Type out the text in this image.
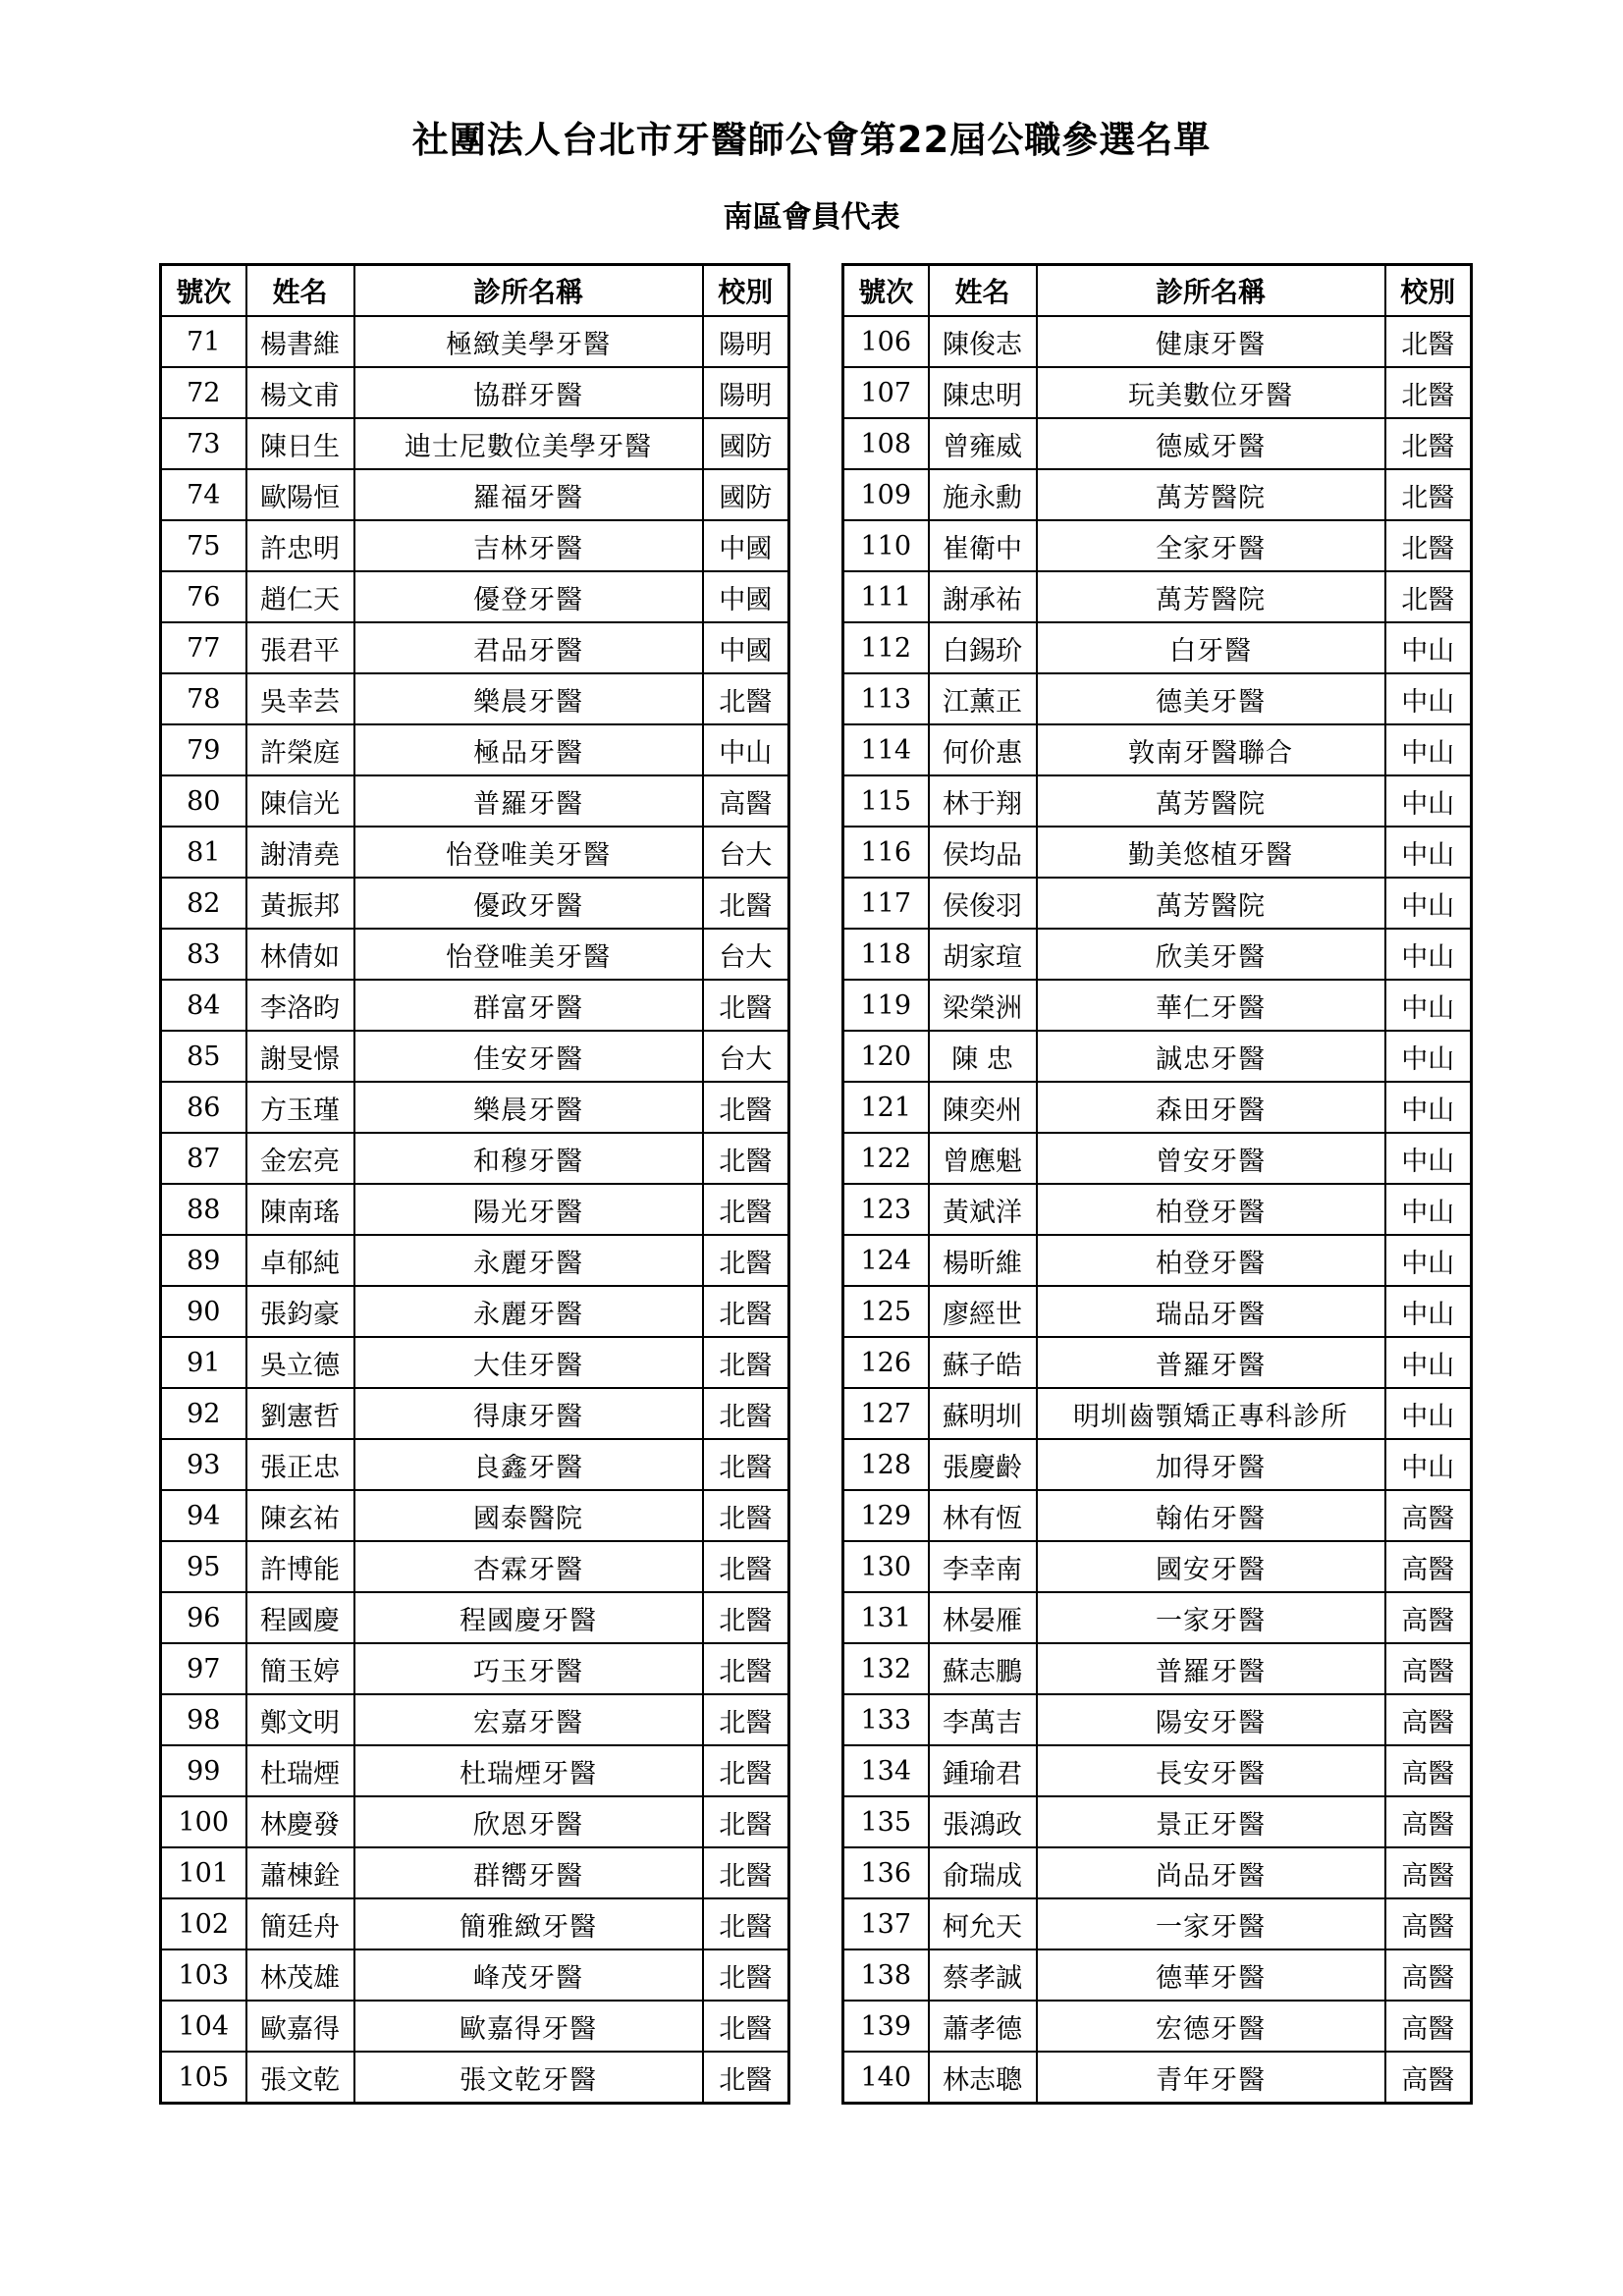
社團法人台北市牙醫師公會第22屆公職參選名單
南區會員代表
號次	姓名	診所名稱	校別
71	楊書維	極緻美學牙醫	陽明
72	楊文甫	協群牙醫	陽明
73	陳日生	迪士尼數位美學牙醫	國防
74	歐陽恒	羅福牙醫	國防
75	許忠明	吉林牙醫	中國
76	趙仁天	優登牙醫	中國
77	張君平	君品牙醫	中國
78	吳幸芸	樂晨牙醫	北醫
79	許榮庭	極品牙醫	中山
80	陳信光	普羅牙醫	高醫
81	謝清堯	怡登唯美牙醫	台大
82	黃振邦	優政牙醫	北醫
83	林倩如	怡登唯美牙醫	台大
84	李洛昀	群富牙醫	北醫
85	謝旻憬	佳安牙醫	台大
86	方玉瑾	樂晨牙醫	北醫
87	金宏亮	和穆牙醫	北醫
88	陳南瑤	陽光牙醫	北醫
89	卓郁純	永麗牙醫	北醫
90	張鈞豪	永麗牙醫	北醫
91	吳立德	大佳牙醫	北醫
92	劉憲哲	得康牙醫	北醫
93	張正忠	良鑫牙醫	北醫
94	陳玄祐	國泰醫院	北醫
95	許博能	杏霖牙醫	北醫
96	程國慶	程國慶牙醫	北醫
97	簡玉婷	巧玉牙醫	北醫
98	鄭文明	宏嘉牙醫	北醫
99	杜瑞煙	杜瑞煙牙醫	北醫
100	林慶發	欣恩牙醫	北醫
101	蕭棟銓	群嚮牙醫	北醫
102	簡廷舟	簡雅緻牙醫	北醫
103	林茂雄	峰茂牙醫	北醫
104	歐嘉得	歐嘉得牙醫	北醫
105	張文乾	張文乾牙醫	北醫
號次	姓名	診所名稱	校別
106	陳俊志	健康牙醫	北醫
107	陳忠明	玩美數位牙醫	北醫
108	曾雍威	德威牙醫	北醫
109	施永勳	萬芳醫院	北醫
110	崔衛中	全家牙醫	北醫
111	謝承祐	萬芳醫院	北醫
112	白錫玠	白牙醫	中山
113	江薰正	德美牙醫	中山
114	何价惠	敦南牙醫聯合	中山
115	林于翔	萬芳醫院	中山
116	侯均品	勤美悠植牙醫	中山
117	侯俊羽	萬芳醫院	中山
118	胡家瑄	欣美牙醫	中山
119	梁榮洲	華仁牙醫	中山
120	陳 忠	誠忠牙醫	中山
121	陳奕州	森田牙醫	中山
122	曾應魁	曾安牙醫	中山
123	黃斌洋	柏登牙醫	中山
124	楊昕維	柏登牙醫	中山
125	廖經世	瑞品牙醫	中山
126	蘇子皓	普羅牙醫	中山
127	蘇明圳	明圳齒顎矯正專科診所	中山
128	張慶齡	加得牙醫	中山
129	林有恆	翰佑牙醫	高醫
130	李幸南	國安牙醫	高醫
131	林晏雁	一家牙醫	高醫
132	蘇志鵬	普羅牙醫	高醫
133	李萬吉	陽安牙醫	高醫
134	鍾瑜君	長安牙醫	高醫
135	張鴻政	景正牙醫	高醫
136	俞瑞成	尚品牙醫	高醫
137	柯允天	一家牙醫	高醫
138	蔡孝誠	德華牙醫	高醫
139	蕭孝德	宏德牙醫	高醫
140	林志聰	青年牙醫	高醫
